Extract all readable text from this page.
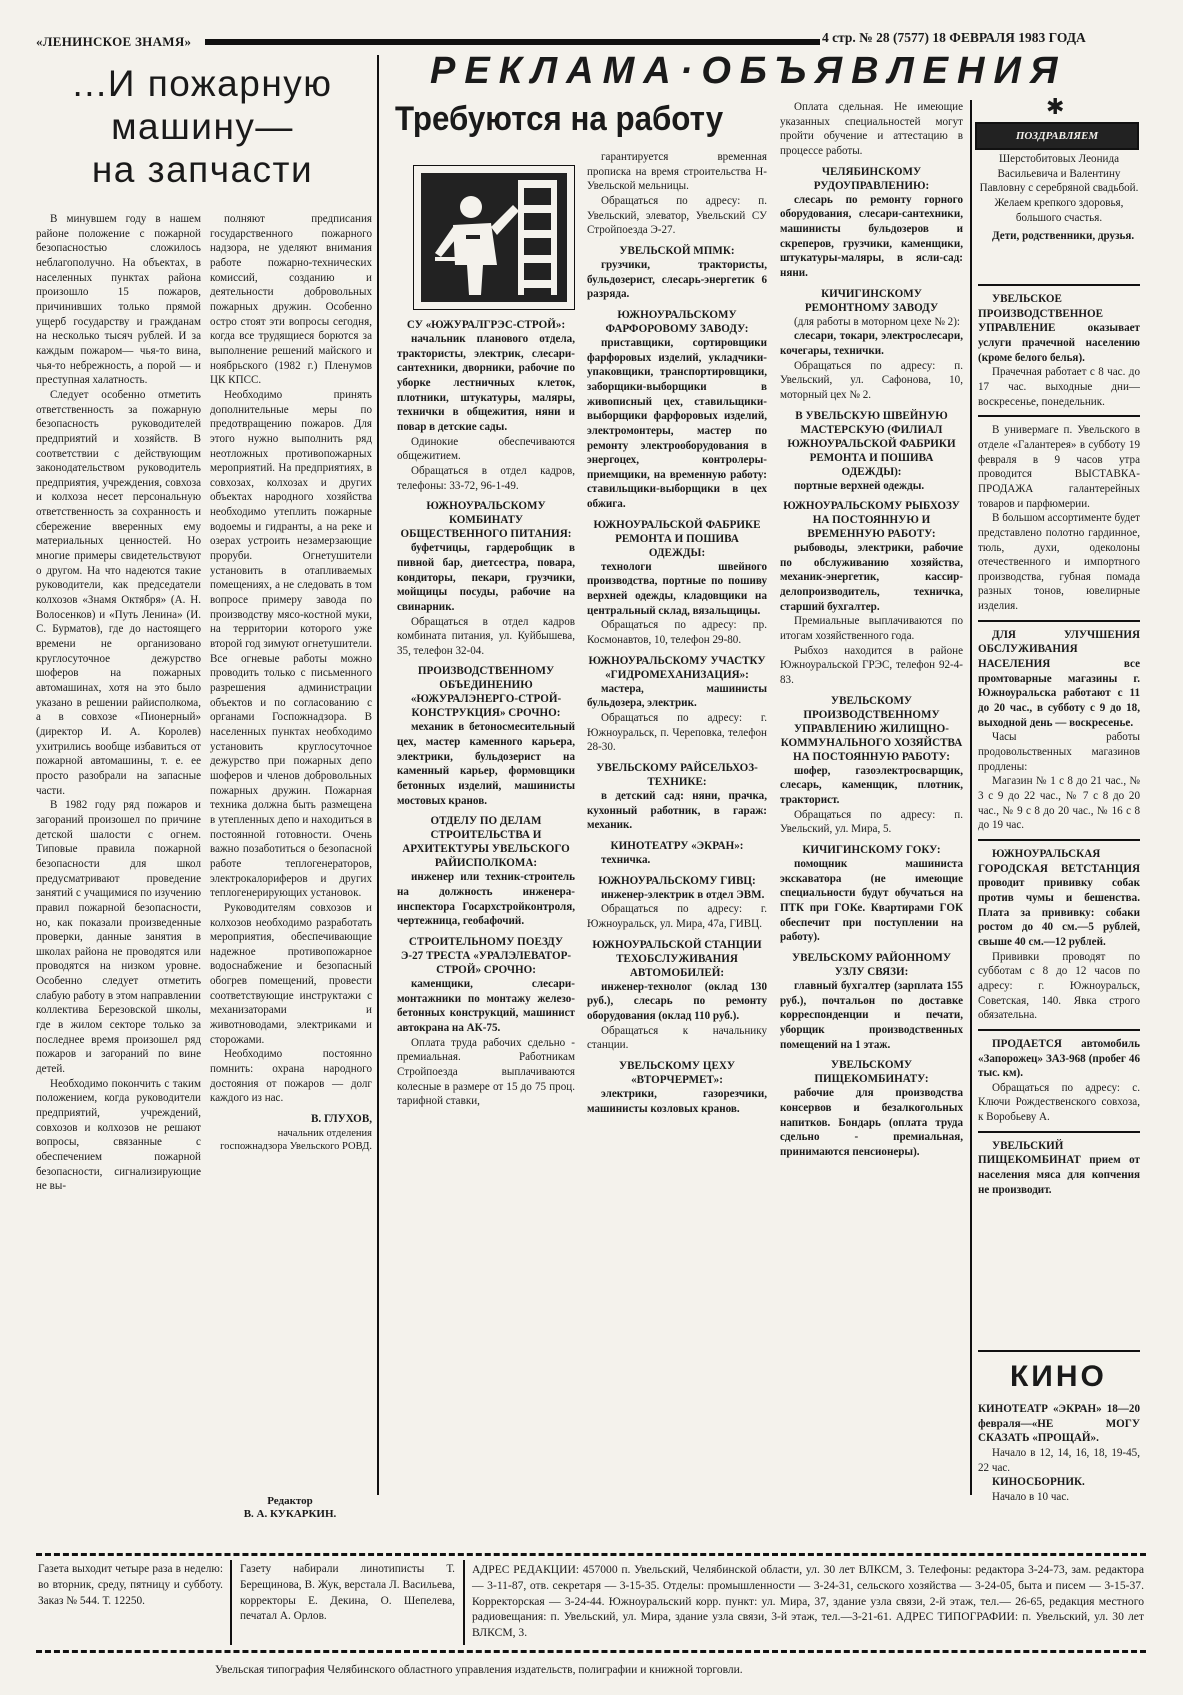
«ЛЕНИНСКОЕ ЗНАМЯ»	4 стр. № 28 (7577) 18 ФЕВРАЛЯ 1983 ГОДА
...И пожарную
машину—
на запчасти

В минувшем году в нашем районе положение с пожарной безопасностью сложилось неблагополучно. На объектах, в населенных пунктах района произошло 15 пожаров, причинивших только прямой ущерб государству и гражданам на несколько тысяч рублей. И за каждым пожаром— чья-то вина, чья-то небрежность, а порой — и преступная халатность.

Следует особенно отметить ответственность за пожарную безопасность руководителей предприятий и хозяйств. В соответствии с действующим законодательством руководитель предприятия, учреждения, совхоза и колхоза несет персональную ответственность за сохранность и сбережение вверенных ему материальных ценностей. Но многие примеры свидетельствуют о другом. На что надеются такие руководители, как председатели колхозов «Знамя Октября» (А. Н. Волосенков) и «Путь Ленина» (И. С. Бурматов), где до настоящего времени не организовано круглосуточное дежурство шоферов на пожарных автомашинах, хотя на это было указано в решении райисполкома, а в совхозе «Пионерный» (директор И. А. Королев) ухитрились вообще избавиться от пожарной автомашины, т. е. ее просто разобрали на запасные части.

В 1982 году ряд пожаров и загораний произошел по причине детской шалости с огнем. Типовые правила пожарной безопасности для школ предусматривают проведение занятий с учащимися по изучению правил пожарной безопасности, но, как показали произведенные проверки, данные занятия в школах района не проводятся или проводятся на низком уровне. Особенно следует отметить слабую работу в этом направлении коллектива Березовской школы, где в жилом секторе только за последнее время произошел ряд пожаров и загораний по вине детей.

Необходимо покончить с таким положением, когда руководители предприятий, учреждений, совхозов и колхозов не решают вопросы, связанные с обеспечением пожарной безопасности, сигнализирующие не вы-

полняют предписания государственного пожарного надзора, не уделяют внимания работе пожарно-технических комиссий, созданию и деятельности добровольных пожарных дружин. Особенно остро стоят эти вопросы сегодня, когда все трудящиеся борются за выполнение решений майского и ноябрьского (1982 г.) Пленумов ЦК КПСС.

Необходимо принять дополнительные меры по предотвращению пожаров. Для этого нужно выполнить ряд неотложных противопожарных мероприятий. На предприятиях, в совхозах, колхозах и других объектах народного хозяйства необходимо утеплить пожарные водоемы и гидранты, а на реке и озерах устроить незамерзающие проруби. Огнетушители установить в отапливаемых помещениях, а не следовать в том вопросе примеру завода по производству мясо-костной муки, на территории которого уже второй год зимуют огнетушители. Все огневые работы можно проводить только с письменного разрешения администрации объектов и по согласованию с органами Госпожнадзора. В населенных пунктах необходимо установить круглосуточное дежурство при пожарных депо шоферов и членов добровольных пожарных дружин. Пожарная техника должна быть размещена в утепленных депо и находиться в постоянной готовности. Очень важно позаботиться о безопасной работе теплогенераторов, электрокалориферов и других теплогенерирующих установок.

Руководителям совхозов и колхозов необходимо разработать мероприятия, обеспечивающие надежное противопожарное водоснабжение и безопасный обогрев помещений, провести соответствующие инструктажи с механизаторами и животноводами, электриками и сторожами.

Необходимо постоянно помнить: охрана народного достояния от пожаров — долг каждого из нас.

В. ГЛУХОВ,

начальник отделения госпожнадзора Увельского РОВД.

Редактор
В. А. КУКАРКИН.
РЕКЛАМА·ОБЪЯВЛЕНИЯ
Требуются на работу

СУ «ЮЖУРАЛГРЭС-СТРОЙ»:

начальник планового отдела, трактористы, электрик, слесари-сантехники, дворники, рабочие по уборке лестничных клеток, плотники, штукатуры, маляры, технички в общежития, няни и повар в детские сады.

Одинокие обеспечиваются общежитием.

Обращаться в отдел кадров, телефоны: 33-72, 96-1-49.

ЮЖНОУРАЛЬСКОМУ КОМБИНАТУ ОБЩЕСТВЕННОГО ПИТАНИЯ:

буфетчицы, гардеробщик в пивной бар, диетсестра, повара, кондиторы, пекари, грузчики, мойщицы посуды, рабочие на свинарник.

Обращаться в отдел кадров комбината питания, ул. Куйбышева, 35, телефон 32-04.

ПРОИЗВОДСТВЕННОМУ ОБЪЕДИНЕНИЮ «ЮЖУРАЛЭНЕРГО-СТРОЙ-КОНСТРУКЦИЯ» СРОЧНО:

механик в бетоносмесительный цех, мастер каменного карьера, электрики, бульдозерист на каменный карьер, формовщики бетонных изделий, машинисты мостовых кранов.

ОТДЕЛУ ПО ДЕЛАМ СТРОИТЕЛЬСТВА И АРХИТЕКТУРЫ УВЕЛЬСКОГО РАЙИСПОЛКОМА:

инженер или техник-строитель на должность инженера-инспектора Госархстройконтроля, чертежница, геобафочий.

СТРОИТЕЛЬНОМУ ПОЕЗДУ Э-27 ТРЕСТА «УРАЛЭЛЕВАТОР-СТРОЙ» СРОЧНО:

каменщики, слесари-монтажники по монтажу железо-бетонных конструкций, машинист автокрана на АК-75.

Оплата труда рабочих сдельно - премиальная. Работникам Стройпоезда выплачиваются колесные в размере от 15 до 75 проц. тарифной ставки,

гарантируется временная прописка на время строительства Н-Увельской мельницы.

Обращаться по адресу: п. Увельский, элеватор, Увельский СУ Стройпоезда Э-27.

УВЕЛЬСКОЙ МПМК:

грузчики, трактористы, бульдозерист, слесарь-энергетик 6 разряда.

ЮЖНОУРАЛЬСКОМУ ФАРФОРОВОМУ ЗАВОДУ:

приставщики, сортировщики фарфоровых изделий, укладчики-упаковщики, транспортировщики, заборщики-выборщики в живописный цех, ставильщики-выборщики фарфоровых изделий, электромонтеры, мастер по ремонту электрооборудования в энергоцех, контролеры-приемщики, на временную работу: ставильщики-выборщики в цех обжига.

ЮЖНОУРАЛЬСКОЙ ФАБРИКЕ РЕМОНТА И ПОШИВА ОДЕЖДЫ:

технологи швейного производства, портные по пошиву верхней одежды, кладовщики на центральный склад, вязальщицы.

Обращаться по адресу: пр. Космонавтов, 10, телефон 29-80.

ЮЖНОУРАЛЬСКОМУ УЧАСТКУ «ГИДРОМЕХАНИЗАЦИЯ»:

мастера, машинисты бульдозера, электрик.

Обращаться по адресу: г. Южноуральск, п. Череповка, телефон 28-30.

УВЕЛЬСКОМУ РАЙСЕЛЬХОЗ-ТЕХНИКЕ:

в детский сад: няни, прачка, кухонный работник, в гараж: механик.

КИНОТЕАТРУ «ЭКРАН»:

техничка.

ЮЖНОУРАЛЬСКОМУ ГИВЦ:

инженер-электрик в отдел ЭВМ.

Обращаться по адресу: г. Южноуральск, ул. Мира, 47а, ГИВЦ.

ЮЖНОУРАЛЬСКОЙ СТАНЦИИ ТЕХОБСЛУЖИВАНИЯ АВТОМОБИЛЕЙ:

инженер-технолог (оклад 130 руб.), слесарь по ремонту оборудования (оклад 110 руб.).

Обращаться к начальнику станции.

УВЕЛЬСКОМУ ЦЕХУ «ВТОРЧЕРМЕТ»:

электрики, газорезчики, машинисты козловых кранов.

Оплата сдельная. Не имеющие указанных специальностей могут пройти обучение и аттестацию в процессе работы.

ЧЕЛЯБИНСКОМУ РУДОУПРАВЛЕНИЮ:

слесарь по ремонту горного оборудования, слесари-сантехники, машинисты бульдозеров и скреперов, грузчики, каменщики, штукатуры-маляры, в ясли-сад: няни.

КИЧИГИНСКОМУ РЕМОНТНОМУ ЗАВОДУ

(для работы в моторном цехе № 2):

слесари, токари, электрослесари, кочегары, технички.

Обращаться по адресу: п. Увельский, ул. Сафонова, 10, моторный цех № 2.

В УВЕЛЬСКУЮ ШВЕЙНУЮ МАСТЕРСКУЮ (ФИЛИАЛ ЮЖНОУРАЛЬСКОЙ ФАБРИКИ РЕМОНТА И ПОШИВА ОДЕЖДЫ):

портные верхней одежды.

ЮЖНОУРАЛЬСКОМУ РЫБХОЗУ НА ПОСТОЯННУЮ И ВРЕМЕННУЮ РАБОТУ:

рыбоводы, электрики, рабочие по обслуживанию хозяйства, механик-энергетик, кассир-делопроизводитель, техничка, старший бухгалтер.

Премиальные выплачиваются по итогам хозяйственного года.

Рыбхоз находится в районе Южноуральской ГРЭС, телефон 92-4-83.

УВЕЛЬСКОМУ ПРОИЗВОДСТВЕННОМУ УПРАВЛЕНИЮ ЖИЛИЩНО-КОММУНАЛЬНОГО ХОЗЯЙСТВА НА ПОСТОЯННУЮ РАБОТУ:

шофер, газоэлектросварщик, слесарь, каменщик, плотник, тракторист.

Обращаться по адресу: п. Увельский, ул. Мира, 5.

КИЧИГИНСКОМУ ГОКУ:

помощник машиниста экскаватора (не имеющие специальности будут обучаться на ПТК при ГОКе. Квартирами ГОК обеспечит при поступлении на работу).

УВЕЛЬСКОМУ РАЙОННОМУ УЗЛУ СВЯЗИ:

главный бухгалтер (зарплата 155 руб.), почтальон по доставке корреспонденции и печати, уборщик производственных помещений на 1 этаж.

УВЕЛЬСКОМУ ПИЩЕКОМБИНАТУ:

рабочие для производства консервов и безалкогольных напитков. Бондарь (оплата труда сдельно - премиальная, принимаются пенсионеры).

✱
ПОЗДРАВЛЯЕМ

Шерстобитовых Леонида Васильевича и Валентину Павловну с серебряной свадьбой. Желаем крепкого здоровья, большого счастья.

Дети, родственники, друзья.

УВЕЛЬСКОЕ ПРОИЗВОДСТВЕННОЕ УПРАВЛЕНИЕ оказывает услуги прачечной населению (кроме белого белья).

Прачечная работает с 8 час. до 17 час. выходные дни— воскресенье, понедельник.

В универмаге п. Увельского в отделе «Галантерея» в субботу 19 февраля в 9 часов утра проводится ВЫСТАВКА-ПРОДАЖА галантерейных товаров и парфюмерии.

В большом ассортименте будет представлено полотно гардинное, тюль, духи, одеколоны отечественного и импортного производства, губная помада разных тонов, ювелирные изделия.

ДЛЯ УЛУЧШЕНИЯ ОБСЛУЖИВАНИЯ НАСЕЛЕНИЯ все промтоварные магазины г. Южноуральска работают с 11 до 20 час., в субботу с 9 до 18, выходной день — воскресенье.

Часы работы продовольственных магазинов продлены:

Магазин № 1 с 8 до 21 час., № 3 с 9 до 22 час., № 7 с 8 до 20 час., № 9 с 8 до 20 час., № 16 с 8 до 19 час.

ЮЖНОУРАЛЬСКАЯ ГОРОДСКАЯ ВЕТСТАНЦИЯ проводит прививку собак против чумы и бешенства. Плата за прививку: собаки ростом до 40 см.—5 рублей, свыше 40 см.—12 рублей.

Прививки проводят по субботам с 8 до 12 часов по адресу: г. Южноуральск, Советская, 140. Явка строго обязательна.

ПРОДАЕТСЯ автомобиль «Запорожец» ЗАЗ-968 (пробег 46 тыс. км).

Обращаться по адресу: с. Ключи Рождественского совхоза, к Воробьеву А.

УВЕЛЬСКИЙ ПИЩЕКОМБИНАТ прием от населения мяса для копчения не производит.

КИНО

КИНОТЕАТР «ЭКРАН» 18—20 февраля—«НЕ МОГУ СКАЗАТЬ «ПРОЩАЙ».

Начало в 12, 14, 16, 18, 19-45, 22 час.

КИНОСБОРНИК.

Начало в 10 час.

Газета выходит четыре раза в неделю: во вторник, среду, пятницу и субботу. Заказ № 544. Т. 12250.
Газету набирали линотиписты Т. Берещинова, В. Жук, верстала Л. Васильева, корректоры Е. Декина, О. Шепелева, печатал А. Орлов.
АДРЕС РЕДАКЦИИ: 457000 п. Увельский, Челябинской области, ул. 30 лет ВЛКСМ, 3. Телефоны: редактора 3-24-73, зам. редактора — 3-11-87, отв. секретаря — 3-15-35. Отделы: промышленности — 3-24-31, сельского хозяйства — 3-24-05, быта и писем — 3-15-37. Корректорская — 3-24-44. Южноуральский корр. пункт: ул. Мира, 37, здание узла связи, 2-й этаж, тел.— 26-65, редакция местного радиовещания: п. Увельский, ул. Мира, здание узла связи, 3-й этаж, тел.—3-21-61. АДРЕС ТИПОГРАФИИ: п. Увельский, ул. 30 лет ВЛКСМ, 3.
Увельская типография Челябинского областного управления издательств, полиграфии и книжной торговли.
